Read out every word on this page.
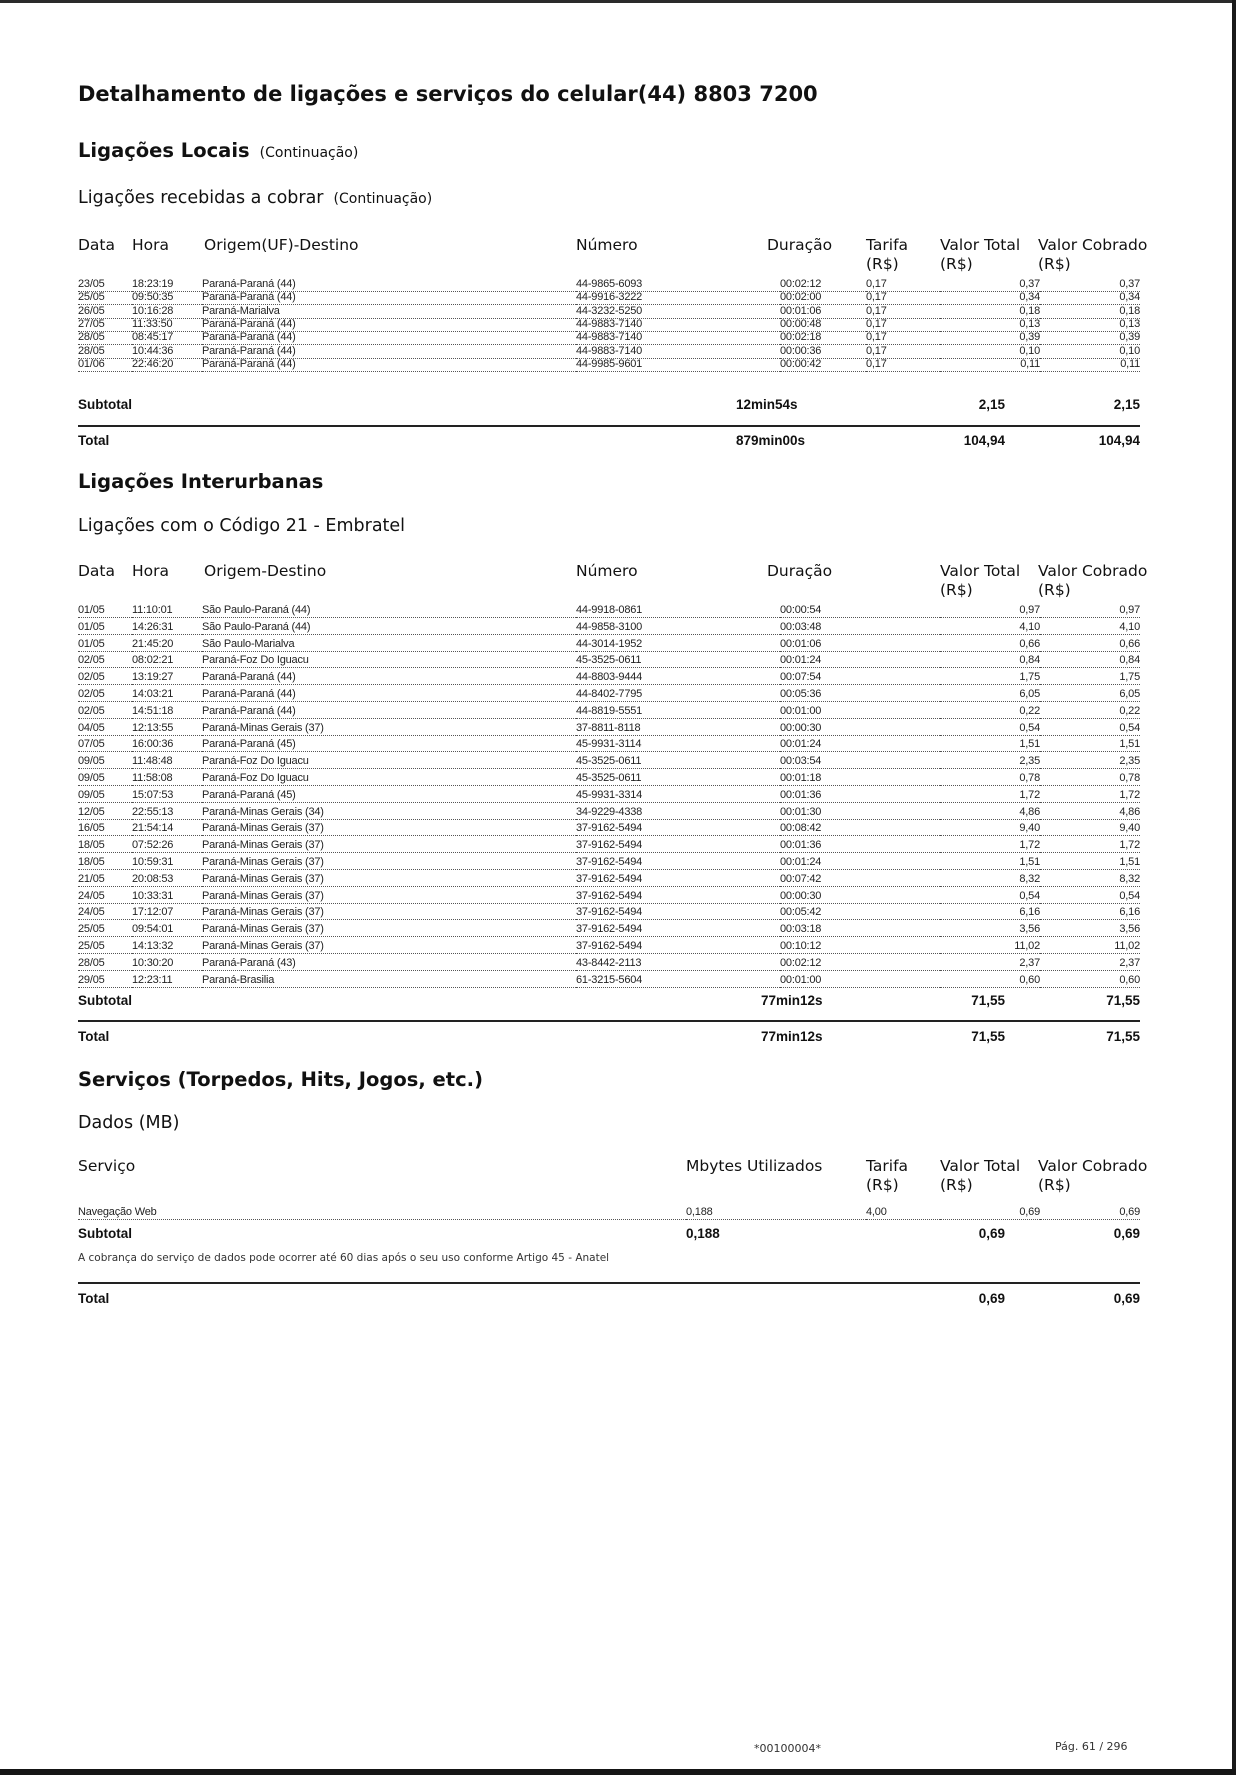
Detalhamento de ligações e serviços do celular(44) 8803 7200
Ligações Locais (Continuação)
Ligações recebidas a cobrar (Continuação)
Data Hora Origem(UF)-Destino	Número	Duração Tarifa (R$)
Valor Total (R$)
Valor Cobrado (R$)
23/05	18:23:19	Paraná-Paraná (44)	44-9865-6093	00:02:12	0,17	0,37	0,37
25/05	09:50:35	Paraná-Paraná (44)	44-9916-3222	00:02:00	0,17	0,34	0,34
26/05	10:16:28	Paraná-Marialva	44-3232-5250	00:01:06	0,17	0,18	0,18
27/05	11:33:50	Paraná-Paraná (44)	44-9883-7140	00:00:48	0,17	0,13	0,13
28/05	08:45:17	Paraná-Paraná (44)	44-9883-7140	00:02:18	0,17	0,39	0,39
28/05	10:44:36	Paraná-Paraná (44)	44-9883-7140	00:00:36	0,17	0,10	0,10
01/06	22:46:20	Paraná-Paraná (44)	44-9985-9601	00:00:42	0,17	0,11	0,11
Subtotal	12min54s	2,15	2,15
Total	879min00s	104,94	104,94
Ligações Interurbanas
Ligações com o Código 21 - Embratel
Data Hora Origem-Destino	Número	Duração	Valor Total (R$)
Valor Cobrado (R$)
01/05	11:10:01	São Paulo-Paraná (44)	44-9918-0861	00:00:54	0,97	0,97
01/05	14:26:31	São Paulo-Paraná (44)	44-9858-3100	00:03:48	4,10	4,10
01/05	21:45:20	São Paulo-Marialva	44-3014-1952	00:01:06	0,66	0,66
02/05	08:02:21	Paraná-Foz Do Iguacu	45-3525-0611	00:01:24	0,84	0,84
02/05	13:19:27	Paraná-Paraná (44)	44-8803-9444	00:07:54	1,75	1,75
02/05	14:03:21	Paraná-Paraná (44)	44-8402-7795	00:05:36	6,05	6,05
02/05	14:51:18	Paraná-Paraná (44)	44-8819-5551	00:01:00	0,22	0,22
04/05	12:13:55	Paraná-Minas Gerais (37)	37-8811-8118	00:00:30	0,54	0,54
07/05	16:00:36	Paraná-Paraná (45)	45-9931-3114	00:01:24	1,51	1,51
09/05	11:48:48	Paraná-Foz Do Iguacu	45-3525-0611	00:03:54	2,35	2,35
09/05	11:58:08	Paraná-Foz Do Iguacu	45-3525-0611	00:01:18	0,78	0,78
09/05	15:07:53	Paraná-Paraná (45)	45-9931-3314	00:01:36	1,72	1,72
12/05	22:55:13	Paraná-Minas Gerais (34)	34-9229-4338	00:01:30	4,86	4,86
16/05	21:54:14	Paraná-Minas Gerais (37)	37-9162-5494	00:08:42	9,40	9,40
18/05	07:52:26	Paraná-Minas Gerais (37)	37-9162-5494	00:01:36	1,72	1,72
18/05	10:59:31	Paraná-Minas Gerais (37)	37-9162-5494	00:01:24	1,51	1,51
21/05	20:08:53	Paraná-Minas Gerais (37)	37-9162-5494	00:07:42	8,32	8,32
24/05	10:33:31	Paraná-Minas Gerais (37)	37-9162-5494	00:00:30	0,54	0,54
24/05	17:12:07	Paraná-Minas Gerais (37)	37-9162-5494	00:05:42	6,16	6,16
25/05	09:54:01	Paraná-Minas Gerais (37)	37-9162-5494	00:03:18	3,56	3,56
25/05	14:13:32	Paraná-Minas Gerais (37)	37-9162-5494	00:10:12	11,02	11,02
28/05	10:30:20	Paraná-Paraná (43)	43-8442-2113	00:02:12	2,37	2,37
29/05	12:23:11	Paraná-Brasilia	61-3215-5604	00:01:00	0,60	0,60
Subtotal	77min12s	71,55	71,55
Total	77min12s	71,55	71,55
Serviços (Torpedos, Hits, Jogos, etc.)
Dados (MB)
Serviço	Mbytes Utilizados	Tarifa (R$)
Valor Total (R$)
Valor Cobrado (R$)
Navegação Web	0,188	4,00	0,69	0,69
Subtotal	0,188	0,69	0,69
A cobrança do serviço de dados pode ocorrer até 60 dias após o seu uso conforme Artigo 45 - Anatel
Total	0,69	0,69
*00100004*	Pág. 61 / 296
